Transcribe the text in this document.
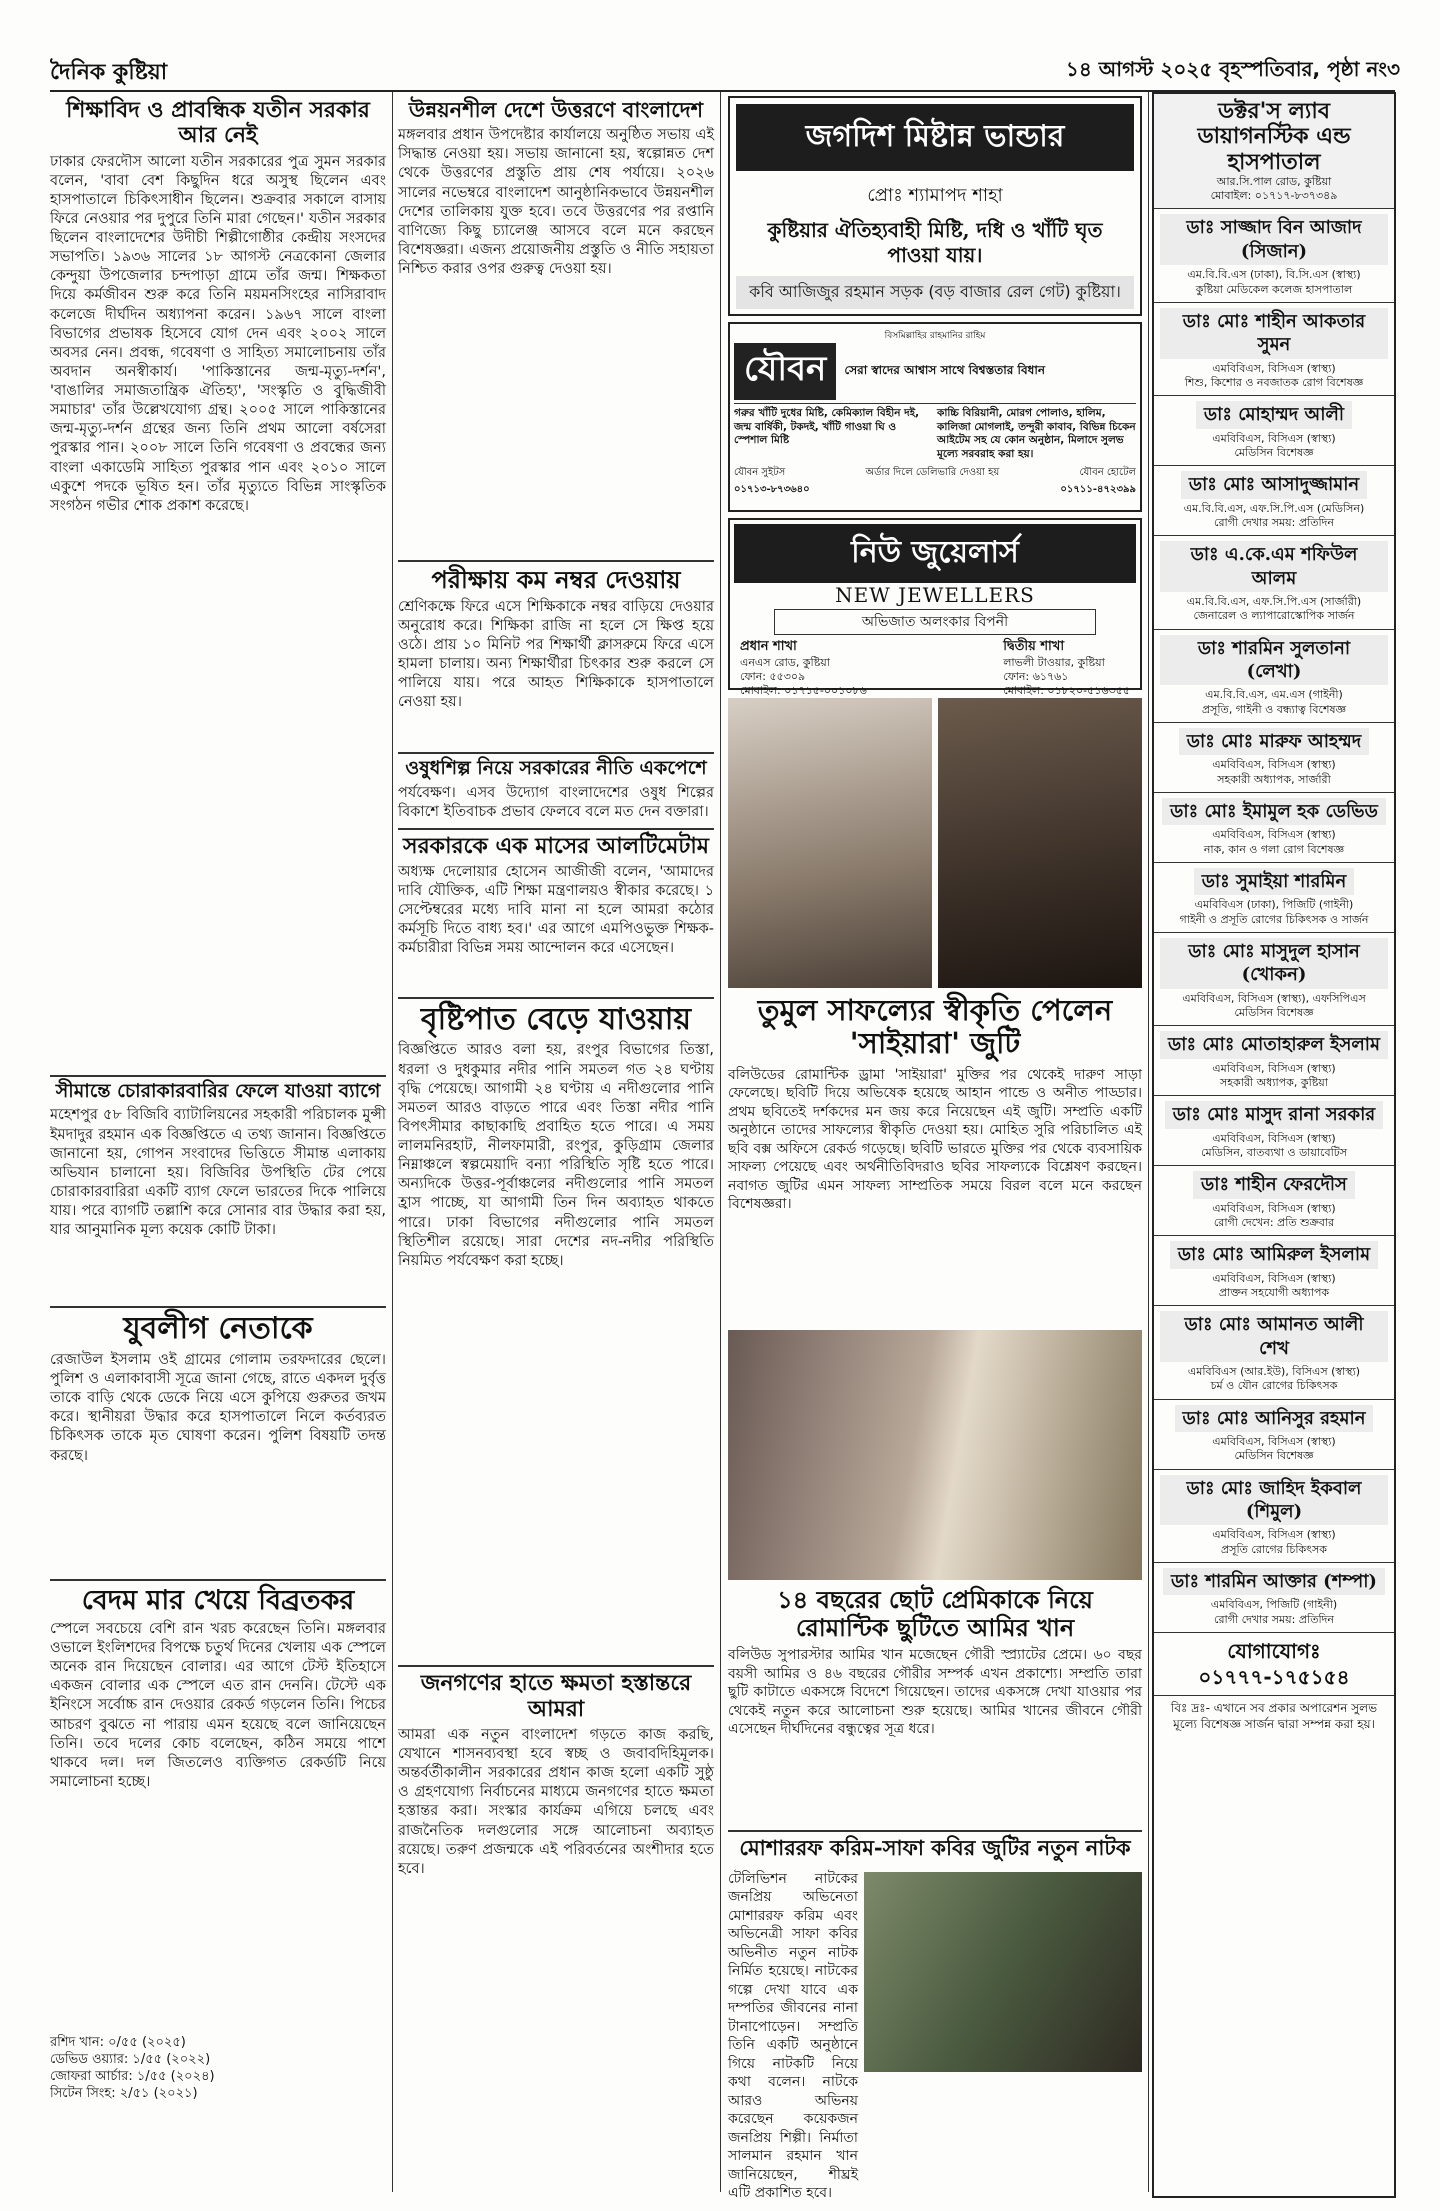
দৈনিক কুষ্টিয়া	১৪ আগস্ট ২০২৫ বৃহস্পতিবার, পৃষ্ঠা নং৩
শিক্ষাবিদ ও প্রাবন্ধিক যতীন সরকার আর নেই
ঢাকার ফেরদৌস আলো যতীন সরকারের পুত্র সুমন সরকার বলেন, 'বাবা বেশ কিছুদিন ধরে অসুস্থ ছিলেন এবং হাসপাতালে চিকিৎসাধীন ছিলেন। শুক্রবার সকালে বাসায় ফিরে নেওয়ার পর দুপুরে তিনি মারা গেছেন।' যতীন সরকার ছিলেন বাংলাদেশের উদীচী শিল্পীগোষ্ঠীর কেন্দ্রীয় সংসদের সভাপতি। ১৯৩৬ সালের ১৮ আগস্ট নেত্রকোনা জেলার কেন্দুয়া উপজেলার চন্দপাড়া গ্রামে তাঁর জন্ম। শিক্ষকতা দিয়ে কর্মজীবন শুরু করে তিনি ময়মনসিংহের নাসিরাবাদ কলেজে দীর্ঘদিন অধ্যাপনা করেন। ১৯৬৭ সালে বাংলা বিভাগের প্রভাষক হিসেবে যোগ দেন এবং ২০০২ সালে অবসর নেন। প্রবন্ধ, গবেষণা ও সাহিত্য সমালোচনায় তাঁর অবদান অনস্বীকার্য। 'পাকিস্তানের জন্ম-মৃত্যু-দর্শন', 'বাঙালির সমাজতান্ত্রিক ঐতিহ্য', 'সংস্কৃতি ও বুদ্ধিজীবী সমাচার' তাঁর উল্লেখযোগ্য গ্রন্থ। ২০০৫ সালে পাকিস্তানের জন্ম-মৃত্যু-দর্শন গ্রন্থের জন্য তিনি প্রথম আলো বর্ষসেরা পুরস্কার পান। ২০০৮ সালে তিনি গবেষণা ও প্রবন্ধের জন্য বাংলা একাডেমি সাহিত্য পুরস্কার পান এবং ২০১০ সালে একুশে পদকে ভূষিত হন। তাঁর মৃত্যুতে বিভিন্ন সাংস্কৃতিক সংগঠন গভীর শোক প্রকাশ করেছে।
সীমান্তে চোরাকারবারির ফেলে যাওয়া ব্যাগে
মহেশপুর ৫৮ বিজিবি ব্যাটালিয়নের সহকারী পরিচালক মুন্সী ইমদাদুর রহমান এক বিজ্ঞপ্তিতে এ তথ্য জানান। বিজ্ঞপ্তিতে জানানো হয়, গোপন সংবাদের ভিত্তিতে সীমান্ত এলাকায় অভিযান চালানো হয়। বিজিবির উপস্থিতি টের পেয়ে চোরাকারবারিরা একটি ব্যাগ ফেলে ভারতের দিকে পালিয়ে যায়। পরে ব্যাগটি তল্লাশি করে সোনার বার উদ্ধার করা হয়, যার আনুমানিক মূল্য কয়েক কোটি টাকা।
যুবলীগ নেতাকে
রেজাউল ইসলাম ওই গ্রামের গোলাম তরফদারের ছেলে। পুলিশ ও এলাকাবাসী সূত্রে জানা গেছে, রাতে একদল দুর্বৃত্ত তাকে বাড়ি থেকে ডেকে নিয়ে এসে কুপিয়ে গুরুতর জখম করে। স্থানীয়রা উদ্ধার করে হাসপাতালে নিলে কর্তব্যরত চিকিৎসক তাকে মৃত ঘোষণা করেন। পুলিশ বিষয়টি তদন্ত করছে।
বেদম মার খেয়ে বিব্রতকর
স্পেলে সবচেয়ে বেশি রান খরচ করেছেন তিনি। মঙ্গলবার ওভালে ইংলিশদের বিপক্ষে চতুর্থ দিনের খেলায় এক স্পেলে অনেক রান দিয়েছেন বোলার। এর আগে টেস্ট ইতিহাসে একজন বোলার এক স্পেলে এত রান দেননি। টেস্টে এক ইনিংসে সর্বোচ্চ রান দেওয়ার রেকর্ড গড়লেন তিনি। পিচের আচরণ বুঝতে না পারায় এমন হয়েছে বলে জানিয়েছেন তিনি। তবে দলের কোচ বলেছেন, কঠিন সময়ে পাশে থাকবে দল। দল জিতলেও ব্যক্তিগত রেকর্ডটি নিয়ে সমালোচনা হচ্ছে।
রশিদ খান: ০/৫৫ (২০২৫)
ডেভিড ওয়্যার: ১/৫৫ (২০২২)
জোফরা আর্চার: ১/৫৫ (২০২৪)
সিটেন সিংহ: ২/৫১ (২০২১)
উন্নয়নশীল দেশে উত্তরণে বাংলাদেশ
মঙ্গলবার প্রধান উপদেষ্টার কার্যালয়ে অনুষ্ঠিত সভায় এই সিদ্ধান্ত নেওয়া হয়। সভায় জানানো হয়, স্বল্পোন্নত দেশ থেকে উত্তরণের প্রস্তুতি প্রায় শেষ পর্যায়ে। ২০২৬ সালের নভেম্বরে বাংলাদেশ আনুষ্ঠানিকভাবে উন্নয়নশীল দেশের তালিকায় যুক্ত হবে। তবে উত্তরণের পর রপ্তানি বাণিজ্যে কিছু চ্যালেঞ্জ আসবে বলে মনে করছেন বিশেষজ্ঞরা। এজন্য প্রয়োজনীয় প্রস্তুতি ও নীতি সহায়তা নিশ্চিত করার ওপর গুরুত্ব দেওয়া হয়।
পরীক্ষায় কম নম্বর দেওয়ায়
শ্রেণিকক্ষে ফিরে এসে শিক্ষিকাকে নম্বর বাড়িয়ে দেওয়ার অনুরোধ করে। শিক্ষিকা রাজি না হলে সে ক্ষিপ্ত হয়ে ওঠে। প্রায় ১০ মিনিট পর শিক্ষার্থী ক্লাসরুমে ফিরে এসে হামলা চালায়। অন্য শিক্ষার্থীরা চিৎকার শুরু করলে সে পালিয়ে যায়। পরে আহত শিক্ষিকাকে হাসপাতালে নেওয়া হয়।
ওষুধশিল্প নিয়ে সরকারের নীতি একপেশে
পর্যবেক্ষণ। এসব উদ্যোগ বাংলাদেশের ওষুধ শিল্পের বিকাশে ইতিবাচক প্রভাব ফেলবে বলে মত দেন বক্তারা।
সরকারকে এক মাসের আলটিমেটাম
অধ্যক্ষ দেলোয়ার হোসেন আজীজী বলেন, 'আমাদের দাবি যৌক্তিক, এটি শিক্ষা মন্ত্রণালয়ও স্বীকার করেছে। ১ সেপ্টেম্বরের মধ্যে দাবি মানা না হলে আমরা কঠোর কর্মসূচি দিতে বাধ্য হব।' এর আগে এমপিওভুক্ত শিক্ষক-কর্মচারীরা বিভিন্ন সময় আন্দোলন করে এসেছেন।
বৃষ্টিপাত বেড়ে যাওয়ায়
বিজ্ঞপ্তিতে আরও বলা হয়, রংপুর বিভাগের তিস্তা, ধরলা ও দুধকুমার নদীর পানি সমতল গত ২৪ ঘণ্টায় বৃদ্ধি পেয়েছে। আগামী ২৪ ঘণ্টায় এ নদীগুলোর পানি সমতল আরও বাড়তে পারে এবং তিস্তা নদীর পানি বিপৎসীমার কাছাকাছি প্রবাহিত হতে পারে। এ সময় লালমনিরহাট, নীলফামারী, রংপুর, কুড়িগ্রাম জেলার নিম্নাঞ্চলে স্বল্পমেয়াদি বন্যা পরিস্থিতি সৃষ্টি হতে পারে। অন্যদিকে উত্তর-পূর্বাঞ্চলের নদীগুলোর পানি সমতল হ্রাস পাচ্ছে, যা আগামী তিন দিন অব্যাহত থাকতে পারে। ঢাকা বিভাগের নদীগুলোর পানি সমতল স্থিতিশীল রয়েছে। সারা দেশের নদ-নদীর পরিস্থিতি নিয়মিত পর্যবেক্ষণ করা হচ্ছে।
জনগণের হাতে ক্ষমতা হস্তান্তরে আমরা
আমরা এক নতুন বাংলাদেশ গড়তে কাজ করছি, যেখানে শাসনব্যবস্থা হবে স্বচ্ছ ও জবাবদিহিমূলক। অন্তর্বর্তীকালীন সরকারের প্রধান কাজ হলো একটি সুষ্ঠু ও গ্রহণযোগ্য নির্বাচনের মাধ্যমে জনগণের হাতে ক্ষমতা হস্তান্তর করা। সংস্কার কার্যক্রম এগিয়ে চলছে এবং রাজনৈতিক দলগুলোর সঙ্গে আলোচনা অব্যাহত রয়েছে। তরুণ প্রজন্মকে এই পরিবর্তনের অংশীদার হতে হবে।
জগদিশ মিষ্টান্ন ভান্ডার
প্রোঃ শ্যামাপদ শাহা
কুষ্টিয়ার ঐতিহ্যবাহী মিষ্টি, দধি ও খাঁটি ঘৃত পাওয়া যায়।
কবি আজিজুর রহমান সড়ক (বড় বাজার রেল গেট) কুষ্টিয়া।
বিসমিল্লাহির রাহমানির রাহিম
যৌবন	সেরা স্বাদের আশ্বাস সাথে বিশ্বস্ততার বিধান
গরুর খাঁটি দুধের মিষ্টি, কেমিক্যাল বিহীন দই, জন্ম বার্ষিকী, টকদই, খাঁটি গাওয়া ঘি ও স্পেশাল মিষ্টি
কাচ্চি বিরিয়ানী, মোরগ পোলাও, হালিম, কালিজা মোগলাই, তন্দুরী কাবাব, বিভিন্ন চিকেন আইটেম সহ যে কোন অনুষ্ঠান, মিলাদে সুলভ মূল্যে সরবরাহ করা হয়।
যৌবন সুইটস	অর্ডার দিলে ডেলিভারি দেওয়া হয়	যৌবন হোটেল
০১৭১৩-৮৭৩৬৪০	০১৭১১-৪৭২৩৯৯
নিউ জুয়েলার্স
NEW JEWELLERS
অভিজাত অলংকার বিপনী
প্রধান শাখা
এনএস রোড, কুষ্টিয়া
ফোন: ৫৫৩০৯
মোবাইল: ০১৭১৫-০০১০৮৬
দ্বিতীয় শাখা
লাভলী টাওয়ার, কুষ্টিয়া
ফোন: ৬১৭৬১
মোবাইল: ০১৮২০-৫১৬৩৫৫
তুমুল সাফল্যের স্বীকৃতি পেলেন 'সাইয়ারা' জুটি
বলিউডের রোমান্টিক ড্রামা 'সাইয়ারা' মুক্তির পর থেকেই দারুণ সাড়া ফেলেছে। ছবিটি দিয়ে অভিষেক হয়েছে আহান পান্ডে ও অনীত পাড্ডার। প্রথম ছবিতেই দর্শকদের মন জয় করে নিয়েছেন এই জুটি। সম্প্রতি একটি অনুষ্ঠানে তাদের সাফল্যের স্বীকৃতি দেওয়া হয়। মোহিত সুরি পরিচালিত এই ছবি বক্স অফিসে রেকর্ড গড়েছে। ছবিটি ভারতে মুক্তির পর থেকে ব্যবসায়িক সাফল্য পেয়েছে এবং অর্থনীতিবিদরাও ছবির সাফল্যকে বিশ্লেষণ করছেন। নবাগত জুটির এমন সাফল্য সাম্প্রতিক সময়ে বিরল বলে মনে করছেন বিশেষজ্ঞরা।
১৪ বছরের ছোট প্রেমিকাকে নিয়ে রোমান্টিক ছুটিতে আমির খান
বলিউড সুপারস্টার আমির খান মজেছেন গৌরী স্প্র্যাটের প্রেমে। ৬০ বছর বয়সী আমির ও ৪৬ বছরের গৌরীর সম্পর্ক এখন প্রকাশ্যে। সম্প্রতি তারা ছুটি কাটাতে একসঙ্গে বিদেশে গিয়েছেন। তাদের একসঙ্গে দেখা যাওয়ার পর থেকেই নতুন করে আলোচনা শুরু হয়েছে। আমির খানের জীবনে গৌরী এসেছেন দীর্ঘদিনের বন্ধুত্বের সূত্র ধরে।
মোশাররফ করিম-সাফা কবির জুটির নতুন নাটক
টেলিভিশন নাটকের জনপ্রিয় অভিনেতা মোশাররফ করিম এবং অভিনেত্রী সাফা কবির অভিনীত নতুন নাটক নির্মিত হয়েছে। নাটকের গল্পে দেখা যাবে এক দম্পতির জীবনের নানা টানাপোড়েন। সম্প্রতি তিনি একটি অনুষ্ঠানে গিয়ে নাটকটি নিয়ে কথা বলেন। নাটকে আরও অভিনয় করেছেন কয়েকজন জনপ্রিয় শিল্পী। নির্মাতা সালমান রহমান খান জানিয়েছেন, শীঘ্রই এটি প্রকাশিত হবে।
ডক্টর'স ল্যাব ডায়াগনস্টিক এন্ড হাসপাতাল
আর.সি.পাল রোড, কুষ্টিয়া
মোবাইল: ০১৭১৭-৮৩৭৩৪৯
ডাঃ সাজ্জাদ বিন আজাদ (সিজান)
এম.বি.বি.এস (ঢাকা), বি.সি.এস (স্বাস্থ্য)
কুষ্টিয়া মেডিকেল কলেজ হাসপাতাল
ডাঃ মোঃ শাহীন আকতার সুমন
এমবিবিএস, বিসিএস (স্বাস্থ্য)
শিশু, কিশোর ও নবজাতক রোগ বিশেষজ্ঞ
ডাঃ মোহাম্মদ আলী
এমবিবিএস, বিসিএস (স্বাস্থ্য)
মেডিসিন বিশেষজ্ঞ
ডাঃ মোঃ আসাদুজ্জামান
এম.বি.বি.এস, এফ.সি.পি.এস (মেডিসিন)
রোগী দেখার সময়: প্রতিদিন
ডাঃ এ.কে.এম শফিউল আলম
এম.বি.বি.এস, এফ.সি.পি.এস (সার্জারী)
জেনারেল ও ল্যাপারোস্কোপিক সার্জন
ডাঃ শারমিন সুলতানা (লেখা)
এম.বি.বি.এস, এম.এস (গাইনী)
প্রসূতি, গাইনী ও বন্ধ্যাত্ব বিশেষজ্ঞ
ডাঃ মোঃ মারুফ আহম্মদ
এমবিবিএস, বিসিএস (স্বাস্থ্য)
সহকারী অধ্যাপক, সার্জারী
ডাঃ মোঃ ইমামুল হক ডেভিড
এমবিবিএস, বিসিএস (স্বাস্থ্য)
নাক, কান ও গলা রোগ বিশেষজ্ঞ
ডাঃ সুমাইয়া শারমিন
এমবিবিএস (ঢাকা), পিজিটি (গাইনী)
গাইনী ও প্রসূতি রোগের চিকিৎসক ও সার্জন
ডাঃ মোঃ মাসুদুল হাসান (খোকন)
এমবিবিএস, বিসিএস (স্বাস্থ্য), এফসিপিএস
মেডিসিন বিশেষজ্ঞ
ডাঃ মোঃ মোতাহারুল ইসলাম
এমবিবিএস, বিসিএস (স্বাস্থ্য)
সহকারী অধ্যাপক, কুষ্টিয়া
ডাঃ মোঃ মাসুদ রানা সরকার
এমবিবিএস, বিসিএস (স্বাস্থ্য)
মেডিসিন, বাতব্যথা ও ডায়াবেটিস
ডাঃ শাহীন ফেরদৌস
এমবিবিএস, বিসিএস (স্বাস্থ্য)
রোগী দেখেন: প্রতি শুক্রবার
ডাঃ মোঃ আমিরুল ইসলাম
এমবিবিএস, বিসিএস (স্বাস্থ্য)
প্রাক্তন সহযোগী অধ্যাপক
ডাঃ মোঃ আমানত আলী শেখ
এমবিবিএস (আর.ইউ), বিসিএস (স্বাস্থ্য)
চর্ম ও যৌন রোগের চিকিৎসক
ডাঃ মোঃ আনিসুর রহমান
এমবিবিএস, বিসিএস (স্বাস্থ্য)
মেডিসিন বিশেষজ্ঞ
ডাঃ মোঃ জাহিদ ইকবাল (শিমুল)
এমবিবিএস, বিসিএস (স্বাস্থ্য)
প্রসূতি রোগের চিকিৎসক
ডাঃ শারমিন আক্তার (শম্পা)
এমবিবিএস, পিজিটি (গাইনী)
রোগী দেখার সময়: প্রতিদিন
যোগাযোগঃ ০১৭৭৭-১৭৫১৫৪
বিঃ দ্রঃ- এখানে সব প্রকার অপারেশন সুলভ মূল্যে বিশেষজ্ঞ সার্জন দ্বারা সম্পন্ন করা হয়।
